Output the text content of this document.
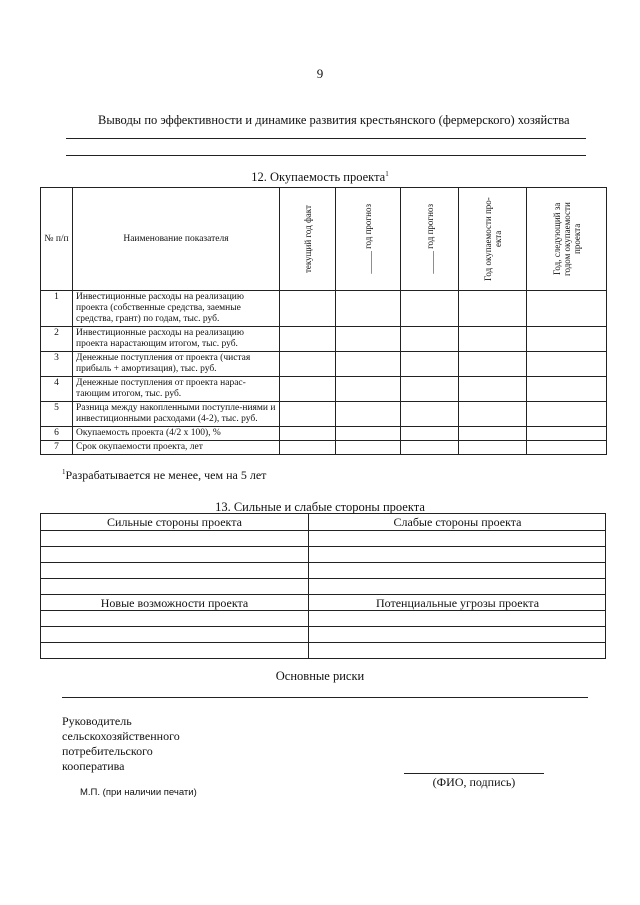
9
Выводы по эффективности и динамике развития крестьянского (фермерского) хозяйства
12. Окупаемость проекта$^1$
№ п/п	Наименование показателя	текущий год факт	_____ год прогноз	_____ год прогноз	Год окупаемости про-екта	Год, следующий за годом окупаемости проекта

1	Инвестиционные расходы на реализацию проекта (собственные средства, заемные средства, грант) по годам, тыс. руб.					
2	Инвестиционные расходы на реализацию проекта нарастающим итогом, тыс. руб.					
3	Денежные поступления от проекта (чистая прибыль + амортизация), тыс. руб.					
4	Денежные поступления от проекта нарас-тающим итогом, тыс. руб.					
5	Разница между накопленными поступле-ниями и инвестиционными расходами (4-2), тыс. руб.					
6	Окупаемость проекта (4/2 х 100), %					
7	Срок окупаемости проекта, лет					
$^1$Разрабатывается не менее, чем на 5 лет
13. Сильные и слабые стороны проекта
Сильные стороны проекта	Слабые стороны проекта
Новые возможности проекта	Потенциальные угрозы проекта
Основные риски
Руководитель
сельскохозяйственного
потребительского
кооператива
(ФИО, подпись)
М.П. (при наличии печати)
